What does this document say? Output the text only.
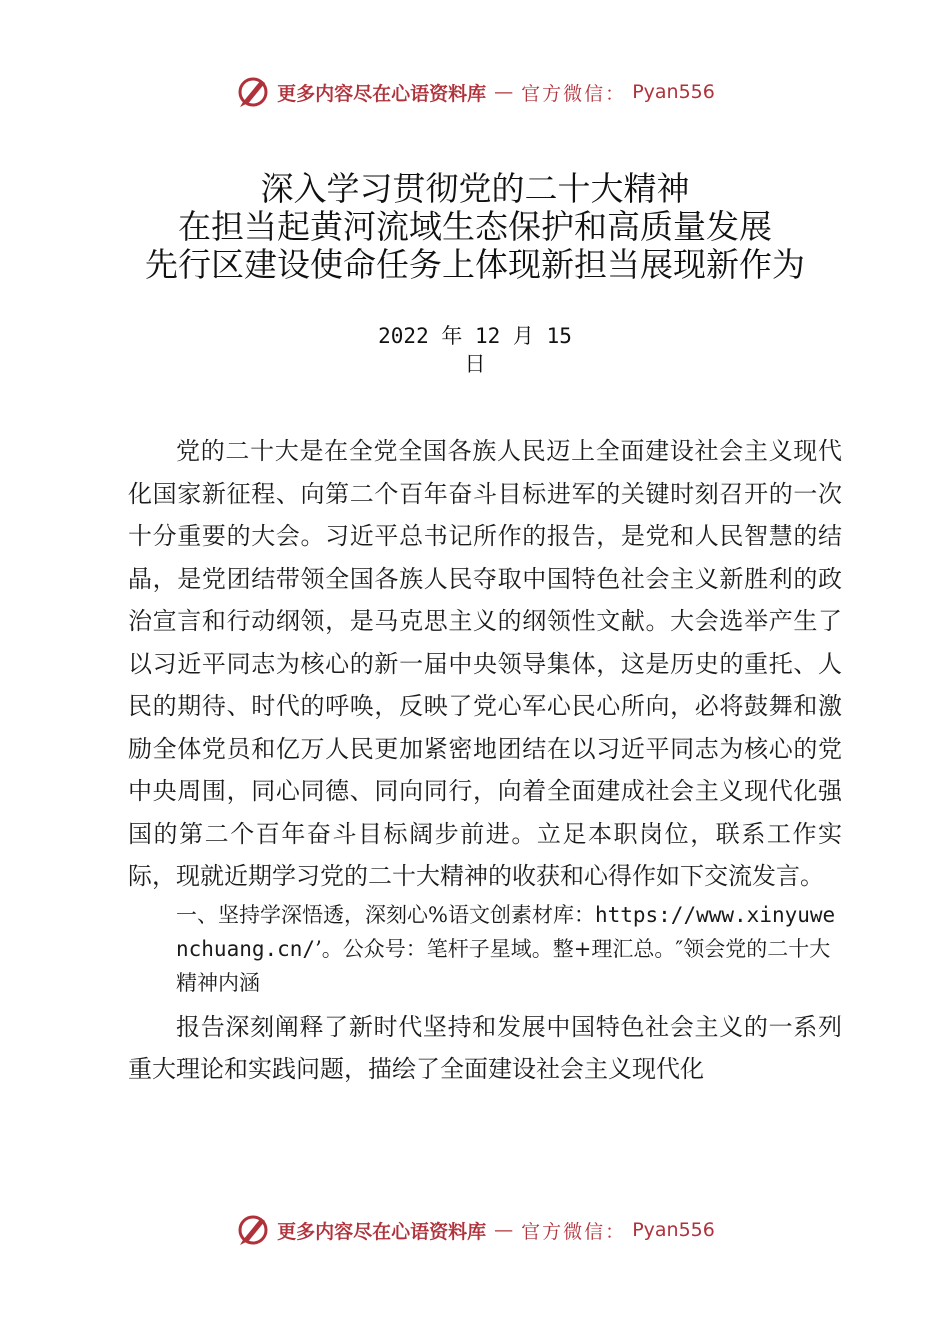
更多内容尽在心语资料库 — 官方微信： Pyan556
深入学习贯彻党的二十大精神
在担当起黄河流域生态保护和高质量发展
先行区建设使命任务上体现新担当展现新作为
2022 年 12 月 15
日

党的二十大是在全党全国各族人民迈上全面建设社会主义现代化国家新征程、向第二个百年奋斗目标进军的关键时刻召开的一次十分重要的大会。习近平总书记所作的报告，是党和人民智慧的结晶，是党团结带领全国各族人民夺取中国特色社会主义新胜利的政治宣言和行动纲领，是马克思主义的纲领性文献。大会选举产生了以习近平同志为核心的新一届中央领导集体，这是历史的重托、人民的期待、时代的呼唤，反映了党心军心民心所向，必将鼓舞和激励全体党员和亿万人民更加紧密地团结在以习近平同志为核心的党中央周围，同心同德、同向同行，向着全面建成社会主义现代化强国的第二个百年奋斗目标阔步前进。立足本职岗位，联系工作实际，现就近期学习党的二十大精神的收获和心得作如下交流发言。

一、坚持学深悟透，深刻心%语文创素材库：https://www.xinyuwenchuang.cn/’。公众号：笔杆子星域。整+理汇总。″领会党的二十大精神内涵

报告深刻阐释了新时代坚持和发展中国特色社会主义的一系列重大理论和实践问题，描绘了全面建设社会主义现代化

更多内容尽在心语资料库 — 官方微信： Pyan556
